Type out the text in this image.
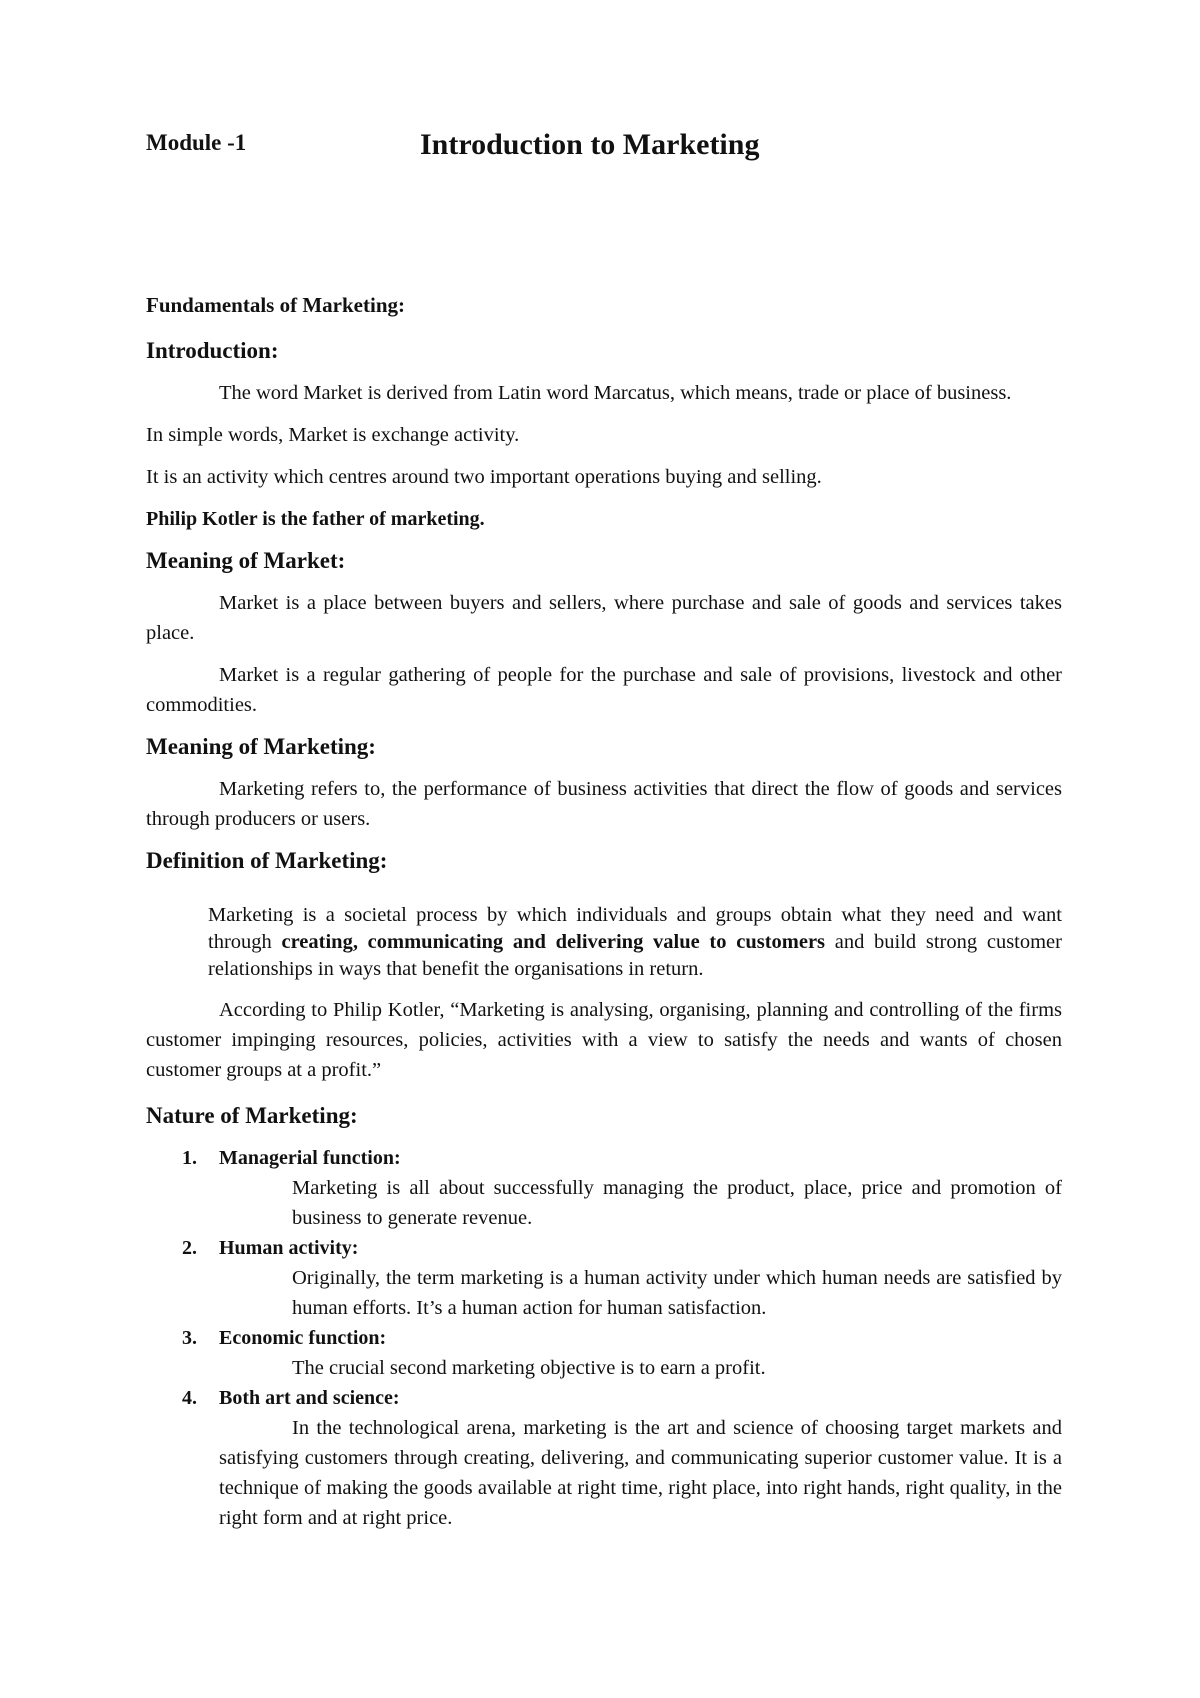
Module -1	Introduction to Marketing

Fundamentals of Marketing:

Introduction:

The word Market is derived from Latin word Marcatus, which means, trade or place of business.

In simple words, Market is exchange activity.

It is an activity which centres around two important operations buying and selling.

Philip Kotler is the father of marketing.

Meaning of Market:

Market is a place between buyers and sellers, where purchase and sale of goods and services takes place.

Market is a regular gathering of people for the purchase and sale of provisions, livestock and other commodities.

Meaning of Marketing:

Marketing refers to, the performance of business activities that direct the flow of goods and services through producers or users.

Definition of Marketing:

Marketing is a societal process by which individuals and groups obtain what they need and want through creating, communicating and delivering value to customers and build strong customer relationships in ways that benefit the organisations in return.

According to Philip Kotler, “Marketing is analysing, organising, planning and controlling of the firms customer impinging resources, policies, activities with a view to satisfy the needs and wants of chosen customer groups at a profit.”

Nature of Marketing:

1. Managerial function:
Marketing is all about successfully managing the product, place, price and promotion of business to generate revenue.
2. Human activity:
Originally, the term marketing is a human activity under which human needs are satisfied by human efforts. It’s a human action for human satisfaction.
3. Economic function:
The crucial second marketing objective is to earn a profit.
4. Both art and science:
In the technological arena, marketing is the art and science of choosing target markets and satisfying customers through creating, delivering, and communicating superior customer value. It is a technique of making the goods available at right time, right place, into right hands, right quality, in the right form and at right price.
